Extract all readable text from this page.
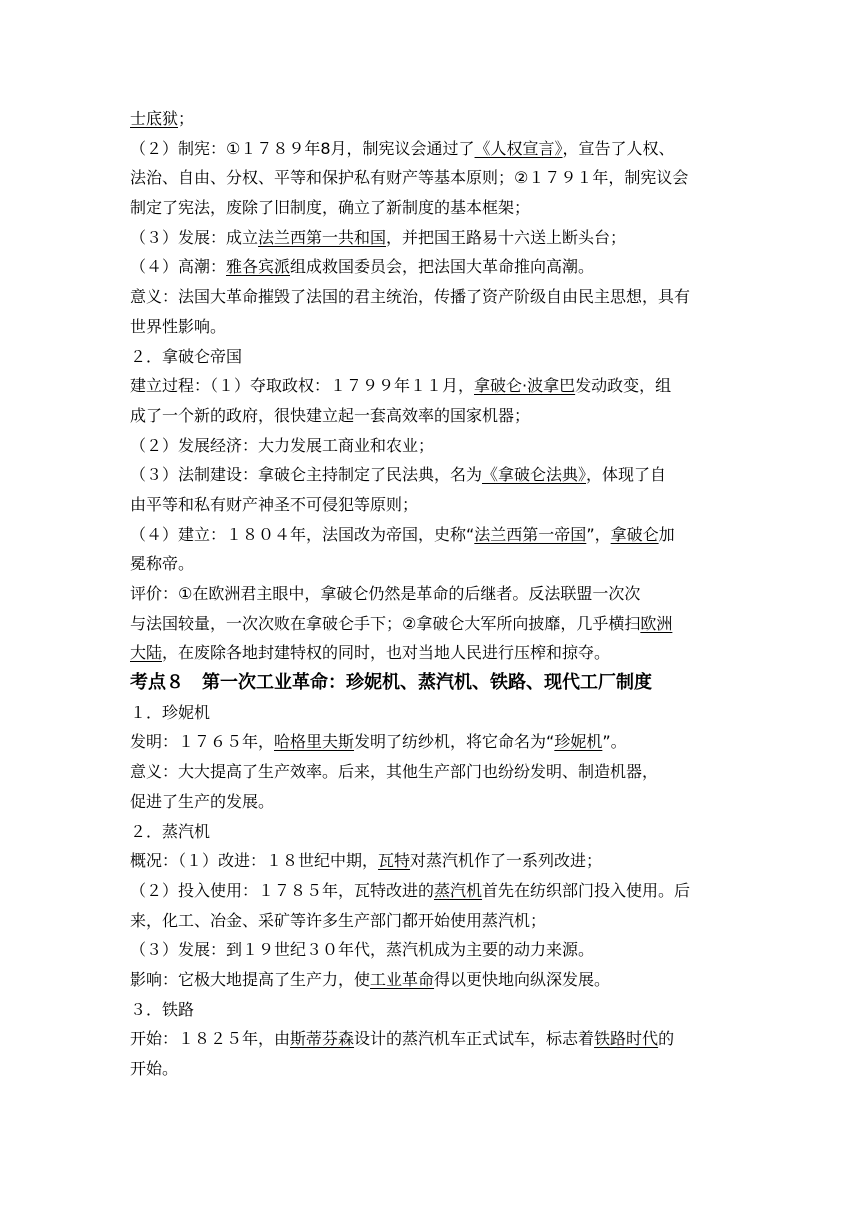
士底狱；
（２）制宪：①１７８９年8月，制宪议会通过了《人权宣言》，宣告了人权、
法治、自由、分权、平等和保护私有财产等基本原则；②１７９１年，制宪议会
制定了宪法，废除了旧制度，确立了新制度的基本框架；
（３）发展：成立法兰西第一共和国，并把国王路易十六送上断头台；
（４）高潮：雅各宾派组成救国委员会，把法国大革命推向高潮。
意义：法国大革命摧毁了法国的君主统治，传播了资产阶级自由民主思想，具有
世界性影响。
２．拿破仑帝国
建立过程：（１）夺取政权：１７９９年１１月，拿破仑·波拿巴发动政变，组
成了一个新的政府，很快建立起一套高效率的国家机器；
（２）发展经济：大力发展工商业和农业；
（３）法制建设：拿破仑主持制定了民法典，名为《拿破仑法典》，体现了自
由平等和私有财产神圣不可侵犯等原则；
（４）建立：１８０４年，法国改为帝国，史称“法兰西第一帝国”，拿破仑加
冕称帝。
评价：①在欧洲君主眼中，拿破仑仍然是革命的后继者。反法联盟一次次
与法国较量，一次次败在拿破仑手下；②拿破仑大军所向披靡，几乎横扫欧洲
大陆，在废除各地封建特权的同时，也对当地人民进行压榨和掠夺。
考点８　第一次工业革命：珍妮机、蒸汽机、铁路、现代工厂制度
１．珍妮机
发明：１７６５年，哈格里夫斯发明了纺纱机，将它命名为“珍妮机”。
意义：大大提高了生产效率。后来，其他生产部门也纷纷发明、制造机器，
促进了生产的发展。
２．蒸汽机
概况：（１）改进：１８世纪中期，瓦特对蒸汽机作了一系列改进；
（２）投入使用：１７８５年，瓦特改进的蒸汽机首先在纺织部门投入使用。后
来，化工、冶金、采矿等许多生产部门都开始使用蒸汽机；
（３）发展：到１９世纪３０年代，蒸汽机成为主要的动力来源。
影响：它极大地提高了生产力，使工业革命得以更快地向纵深发展。
３．铁路
开始：１８２５年，由斯蒂芬森设计的蒸汽机车正式试车，标志着铁路时代的
开始。
